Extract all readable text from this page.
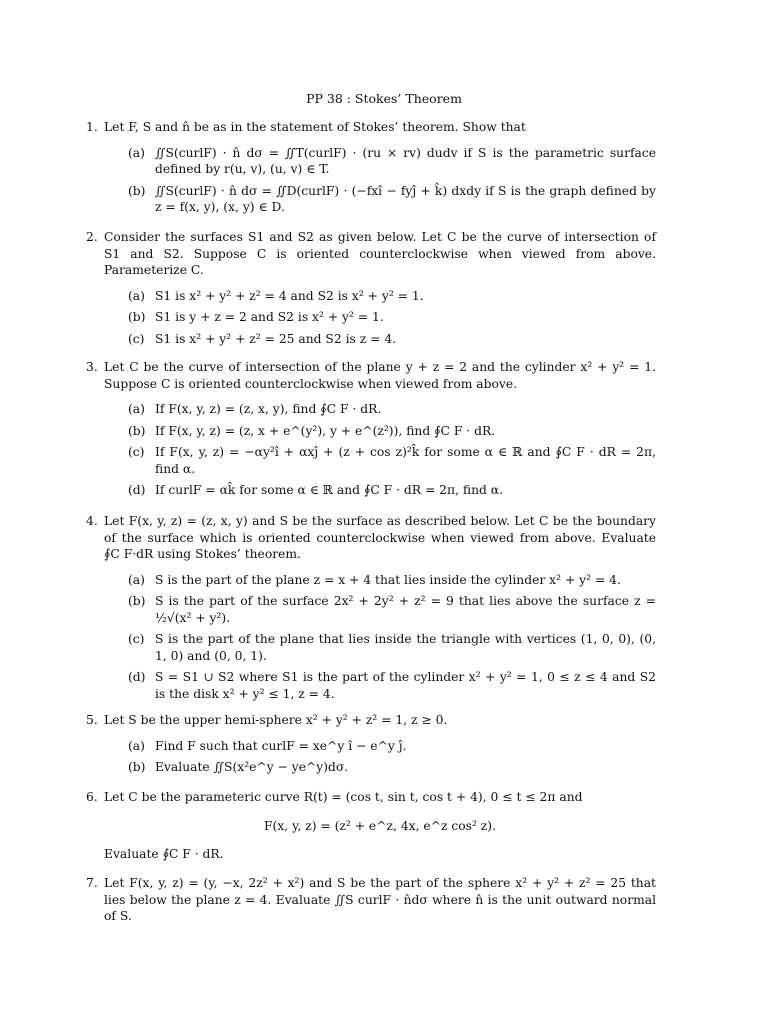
PP 38 : Stokes’ Theorem
1. Let F, S and n̂ be as in the statement of Stokes’ theorem. Show that
(a) ∬S(curlF) · n̂ dσ = ∬T(curlF) · (ru × rv) dudv if S is the parametric surface defined by r(u, v), (u, v) ∈ T.
(b) ∬S(curlF) · n̂ dσ = ∬D(curlF) · (−fxî − fyĵ + k̂) dxdy if S is the graph defined by z = f(x, y), (x, y) ∈ D.
2. Consider the surfaces S1 and S2 as given below. Let C be the curve of intersection of S1 and S2. Suppose C is oriented counterclockwise when viewed from above. Parameterize C.
(a) S1 is x² + y² + z² = 4 and S2 is x² + y² = 1.
(b) S1 is y + z = 2 and S2 is x² + y² = 1.
(c) S1 is x² + y² + z² = 25 and S2 is z = 4.
3. Let C be the curve of intersection of the plane y + z = 2 and the cylinder x² + y² = 1. Suppose C is oriented counterclockwise when viewed from above.
(a) If F(x, y, z) = (z, x, y), find ∮C F · dR.
(b) If F(x, y, z) = (z, x + e^(y²), y + e^(z²)), find ∮C F · dR.
(c) If F(x, y, z) = −αy²î + αxĵ + (z + cos z)²k̂ for some α ∈ ℝ and ∮C F · dR = 2π, find α.
(d) If curlF = αk̂ for some α ∈ ℝ and ∮C F · dR = 2π, find α.
4. Let F(x, y, z) = (z, x, y) and S be the surface as described below. Let C be the boundary of the surface which is oriented counterclockwise when viewed from above. Evaluate ∮C F·dR using Stokes’ theorem.
(a) S is the part of the plane z = x + 4 that lies inside the cylinder x² + y² = 4.
(b) S is the part of the surface 2x² + 2y² + z² = 9 that lies above the surface z = ½√(x² + y²).
(c) S is the part of the plane that lies inside the triangle with vertices (1, 0, 0), (0, 1, 0) and (0, 0, 1).
(d) S = S1 ∪ S2 where S1 is the part of the cylinder x² + y² = 1, 0 ≤ z ≤ 4 and S2 is the disk x² + y² ≤ 1, z = 4.
5. Let S be the upper hemi-sphere x² + y² + z² = 1, z ≥ 0.
(a) Find F such that curlF = xe^y î − e^y ĵ.
(b) Evaluate ∬S(x²e^y − ye^y)dσ.
6. Let C be the parameteric curve R(t) = (cos t, sin t, cos t + 4), 0 ≤ t ≤ 2π and
F(x, y, z) = (z² + e^z, 4x, e^z cos² z).
Evaluate ∮C F · dR.
7. Let F(x, y, z) = (y, −x, 2z² + x²) and S be the part of the sphere x² + y² + z² = 25 that lies below the plane z = 4. Evaluate ∬S curlF · n̂dσ where n̂ is the unit outward normal of S.
